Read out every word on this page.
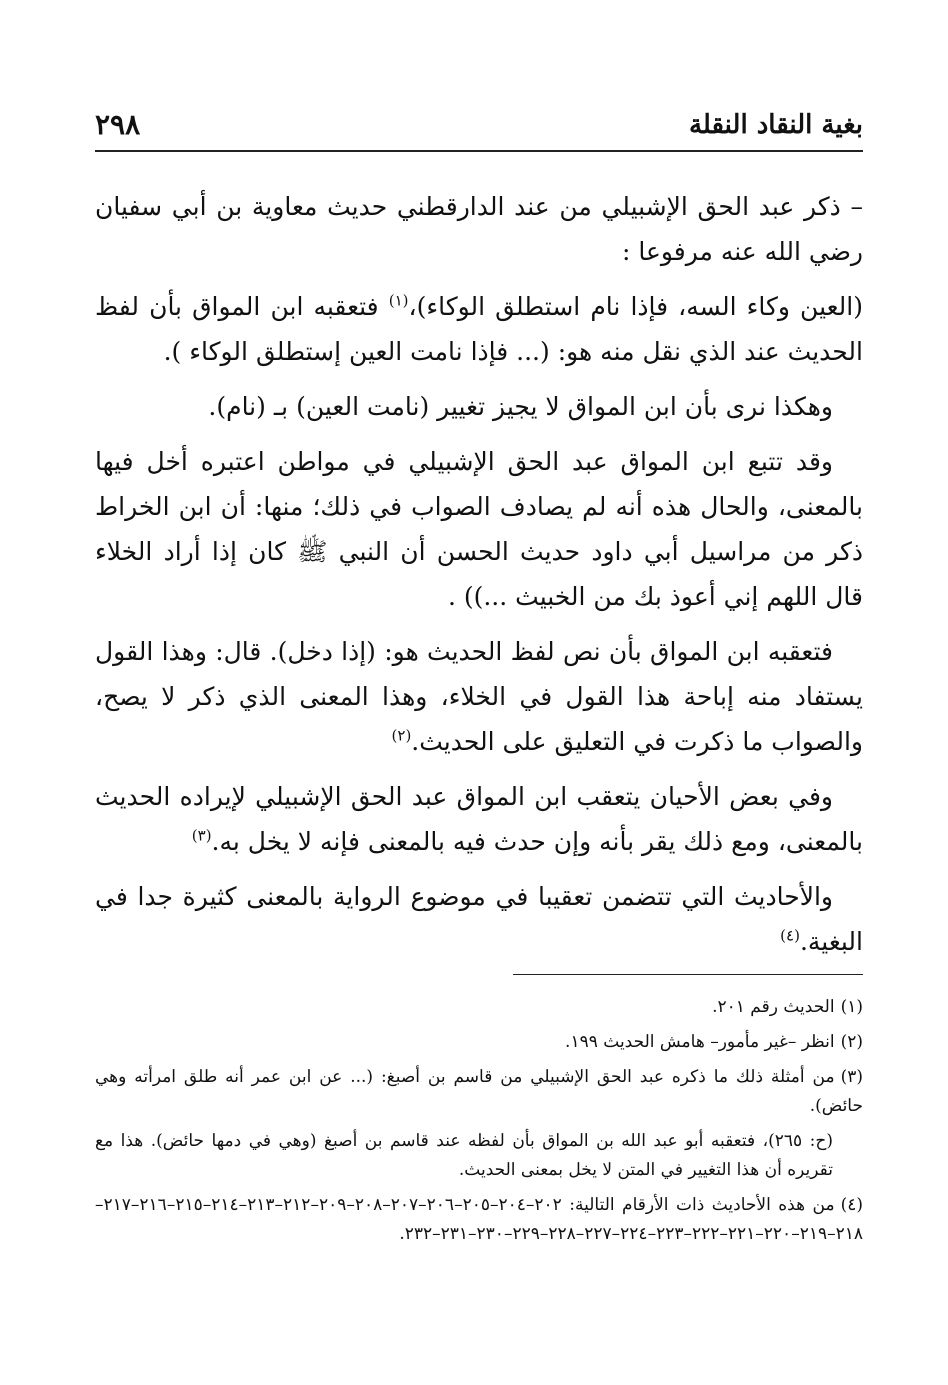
بغية النقاد النقلة
٢٩٨

– ذكر عبد الحق الإشبيلي من عند الدارقطني حديث معاوية بن أبي سفيان رضي الله عنه مرفوعا :

(العين وكاء السه، فإذا نام استطلق الوكاء)،$^{(١)}$ فتعقبه ابن المواق بأن لفظ الحديث عند الذي نقل منه هو: (... فإذا نامت العين إستطلق الوكاء ).

وهكذا نرى بأن ابن المواق لا يجيز تغيير (نامت العين) بـ (نام).

وقد تتبع ابن المواق عبد الحق الإشبيلي في مواطن اعتبره أخل فيها بالمعنى، والحال هذه أنه لم يصادف الصواب في ذلك؛ منها: أن ابن الخراط ذكر من مراسيل أبي داود حديث الحسن أن النبي ﷺ كان إذا أراد الخلاء قال اللهم إني أعوذ بك من الخبيث ...)) .

فتعقبه ابن المواق بأن نص لفظ الحديث هو: (إذا دخل). قال: وهذا القول يستفاد منه إباحة هذا القول في الخلاء، وهذا المعنى الذي ذكر لا يصح، والصواب ما ذكرت في التعليق على الحديث.$^{(٢)}$

وفي بعض الأحيان يتعقب ابن المواق عبد الحق الإشبيلي لإيراده الحديث بالمعنى، ومع ذلك يقر بأنه وإن حدث فيه بالمعنى فإنه لا يخل به.$^{(٣)}$

والأحاديث التي تتضمن تعقيبا في موضوع الرواية بالمعنى كثيرة جدا في البغية.$^{(٤)}$

(١)الحديث رقم ٢٠١.

(٢)انظر –غير مأمور– هامش الحديث ١٩٩.

(٣)من أمثلة ذلك ما ذكره عبد الحق الإشبيلي من قاسم بن أصبغ: (... عن ابن عمر أنه طلق امرأته وهي حائض).

(ح: ٢٦٥)، فتعقبه أبو عبد الله بن المواق بأن لفظه عند قاسم بن أصبغ (وهي في دمها حائض). هذا مع تقريره أن هذا التغيير في المتن لا يخل بمعنى الحديث.

(٤)من هذه الأحاديث ذات الأرقام التالية: ٢٠٢–٢٠٤–٢٠٥–٢٠٦–٢٠٧–٢٠٨–٢٠٩–٢١٢–٢١٣–٢١٤–٢١٥–٢١٦–٢١٧–٢١٨–٢١٩–٢٢٠–٢٢١–٢٢٢–٢٢٣–٢٢٤–٢٢٧–٢٢٨–٢٢٩–٢٣٠–٢٣١–٢٣٢.
